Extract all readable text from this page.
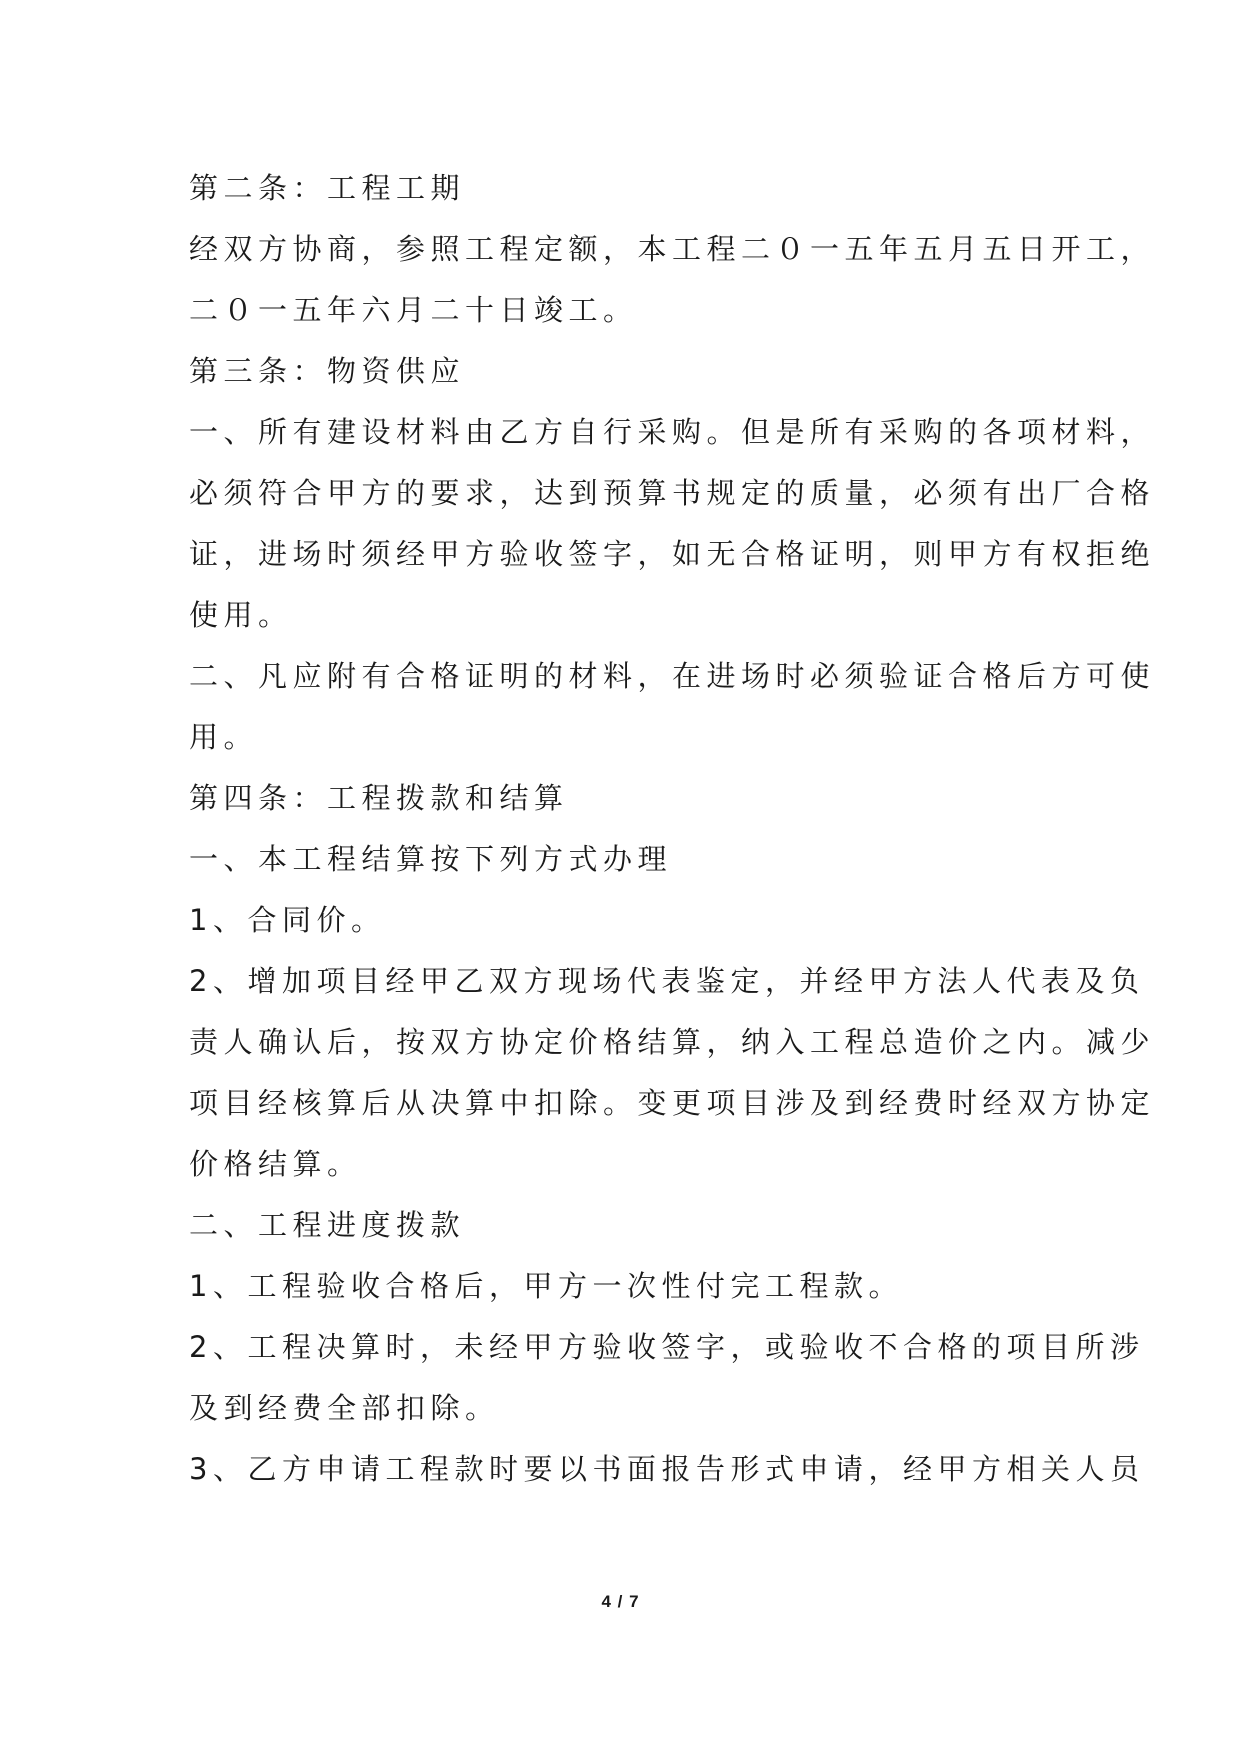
第二条：工程工期
经双方协商，参照工程定额，本工程二０一五年五月五日开工，
二０一五年六月二十日竣工。
第三条：物资供应
一、所有建设材料由乙方自行采购。但是所有采购的各项材料，
必须符合甲方的要求，达到预算书规定的质量，必须有出厂合格
证，进场时须经甲方验收签字，如无合格证明，则甲方有权拒绝
使用。
二、凡应附有合格证明的材料，在进场时必须验证合格后方可使
用。
第四条：工程拨款和结算
一、本工程结算按下列方式办理
1、合同价。
2、增加项目经甲乙双方现场代表鉴定，并经甲方法人代表及负
责人确认后，按双方协定价格结算，纳入工程总造价之内。减少
项目经核算后从决算中扣除。变更项目涉及到经费时经双方协定
价格结算。
二、工程进度拨款
1、工程验收合格后，甲方一次性付完工程款。
2、工程决算时，未经甲方验收签字，或验收不合格的项目所涉
及到经费全部扣除。
3、乙方申请工程款时要以书面报告形式申请，经甲方相关人员
4 / 7
